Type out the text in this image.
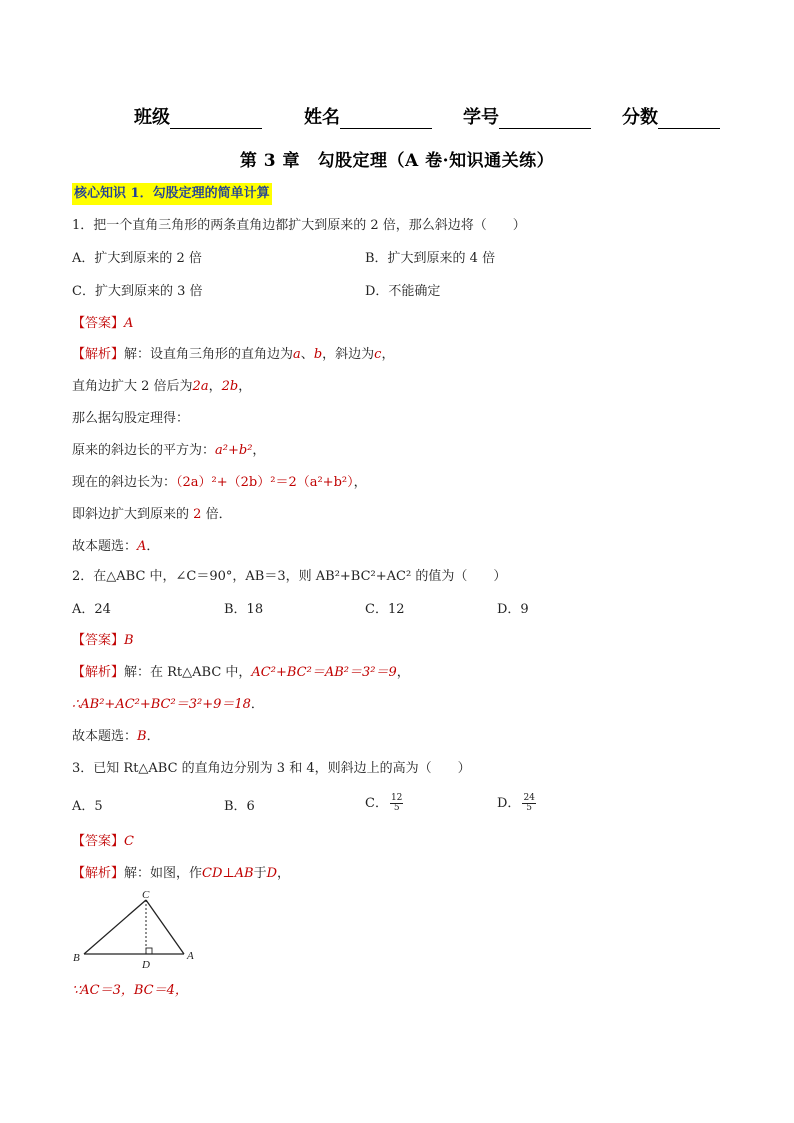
班级	姓名	学号	分数
第 3 章　勾股定理（A 卷·知识通关练）
核心知识 1．勾股定理的简单计算
1．把一个直角三角形的两条直角边都扩大到原来的 2 倍，那么斜边将（　　）
A．扩大到原来的 2 倍	B．扩大到原来的 4 倍
C．扩大到原来的 3 倍	D．不能确定
【答案】A
【解析】解：设直角三角形的直角边为a、b，斜边为c，
直角边扩大 2 倍后为2a，2b，
那么据勾股定理得：
原来的斜边长的平方为：a²+b²，
现在的斜边长为：（2a）²+（2b）²＝2（a²+b²），
即斜边扩大到原来的 2 倍．
故本题选：A．
2．在△ABC 中，∠C＝90°，AB＝3，则 AB²+BC²+AC² 的值为（　　）
A．24	B．18	C．12	D．9
【答案】B
【解析】解：在 Rt△ABC 中，AC²+BC²＝AB²＝3²＝9，
∴AB²+AC²+BC²＝3²+9＝18．
故本题选：B．
3．已知 Rt△ABC 的直角边分别为 3 和 4，则斜边上的高为（　　）
A．5	B．6	C． $\frac{12}{5}$	D． $\frac{24}{5}$
【答案】C
【解析】解：如图，作CD⊥AB于D，
C
B
D
A
∵AC＝3，BC＝4，
